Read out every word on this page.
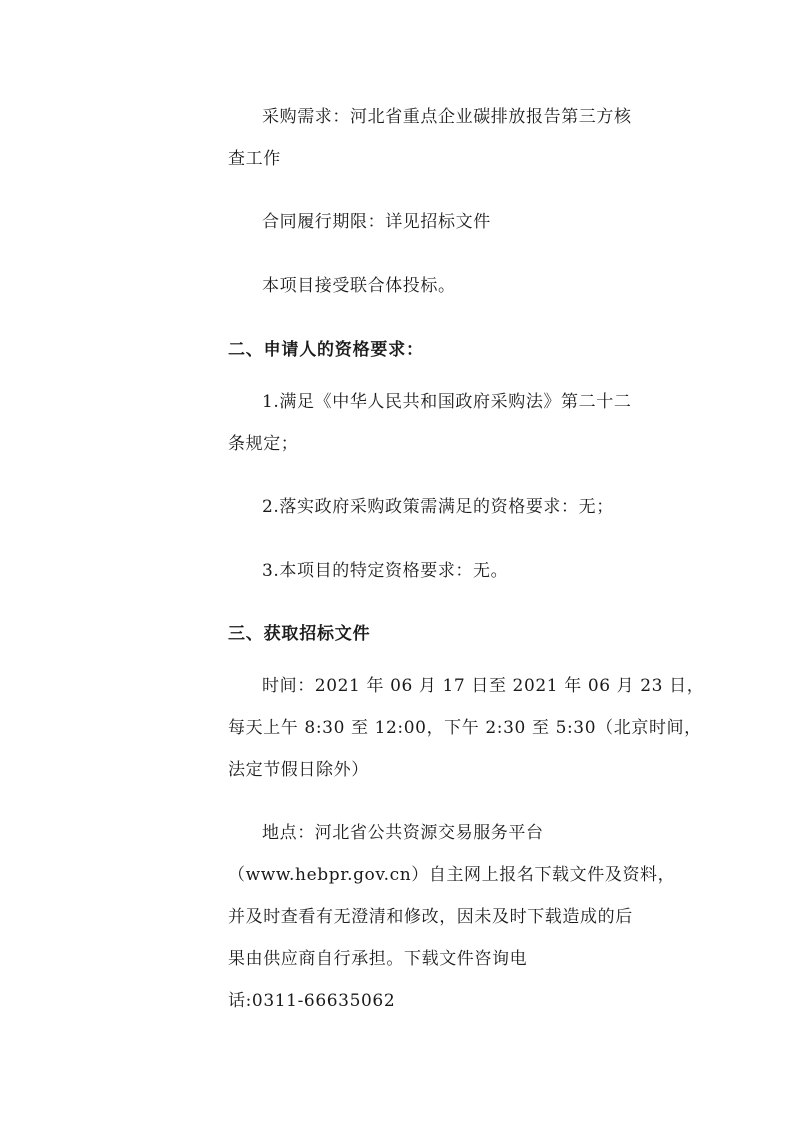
采购需求：河北省重点企业碳排放报告第三方核

查工作

合同履行期限：详见招标文件

本项目接受联合体投标。

二、申请人的资格要求：

1.满足《中华人民共和国政府采购法》第二十二

条规定；

2.落实政府采购政策需满足的资格要求：无；

3.本项目的特定资格要求：无。

三、获取招标文件

时间：2021 年 06 月 17 日至 2021 年 06 月 23 日，

每天上午 8:30 至 12:00，下午 2:30 至 5:30（北京时间，

法定节假日除外）

地点：河北省公共资源交易服务平台

（www.hebpr.gov.cn）自主网上报名下载文件及资料，

并及时查看有无澄清和修改，因未及时下载造成的后

果由供应商自行承担。下载文件咨询电

话:0311-66635062
